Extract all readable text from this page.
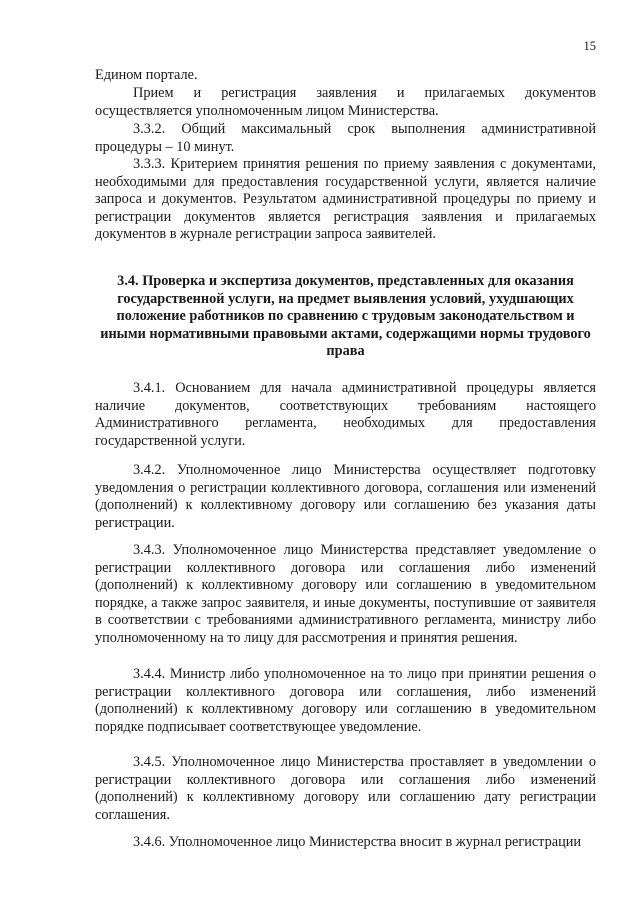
15

Едином портале.

Прием и регистрация заявления и прилагаемых документов осуществляется уполномоченным лицом Министерства.

3.3.2. Общий максимальный срок выполнения административной процедуры – 10 минут.

3.3.3. Критерием принятия решения по приему заявления с документами, необходимыми для предоставления государственной услуги, является наличие запроса и документов. Результатом административной процедуры по приему и регистрации документов является регистрация заявления и прилагаемых документов в журнале регистрации запроса заявителей.

3.4. Проверка и экспертиза документов, представленных для оказания государственной услуги, на предмет выявления условий, ухудшающих положение работников по сравнению с трудовым законодательством и иными нормативными правовыми актами, содержащими нормы трудового права

3.4.1. Основанием для начала административной процедуры является наличие документов, соответствующих требованиям настоящего Административного регламента, необходимых для предоставления государственной услуги.

3.4.2. Уполномоченное лицо Министерства осуществляет подготовку уведомления о регистрации коллективного договора, соглашения или изменений (дополнений) к коллективному договору или соглашению без указания даты регистрации.

3.4.3. Уполномоченное лицо Министерства представляет уведомление о регистрации коллективного договора или соглашения либо изменений (дополнений) к коллективному договору или соглашению в уведомительном порядке, а также запрос заявителя, и иные документы, поступившие от заявителя в соответствии с требованиями административного регламента, министру либо уполномоченному на то лицу для рассмотрения и принятия решения.

3.4.4. Министр либо уполномоченное на то лицо при принятии решения о регистрации коллективного договора или соглашения, либо изменений (дополнений) к коллективному договору или соглашению в уведомительном порядке подписывает соответствующее уведомление.

3.4.5. Уполномоченное лицо Министерства проставляет в уведомлении о регистрации коллективного договора или соглашения либо изменений (дополнений) к коллективному договору или соглашению дату регистрации соглашения.

3.4.6. Уполномоченное лицо Министерства вносит в журнал регистрации
